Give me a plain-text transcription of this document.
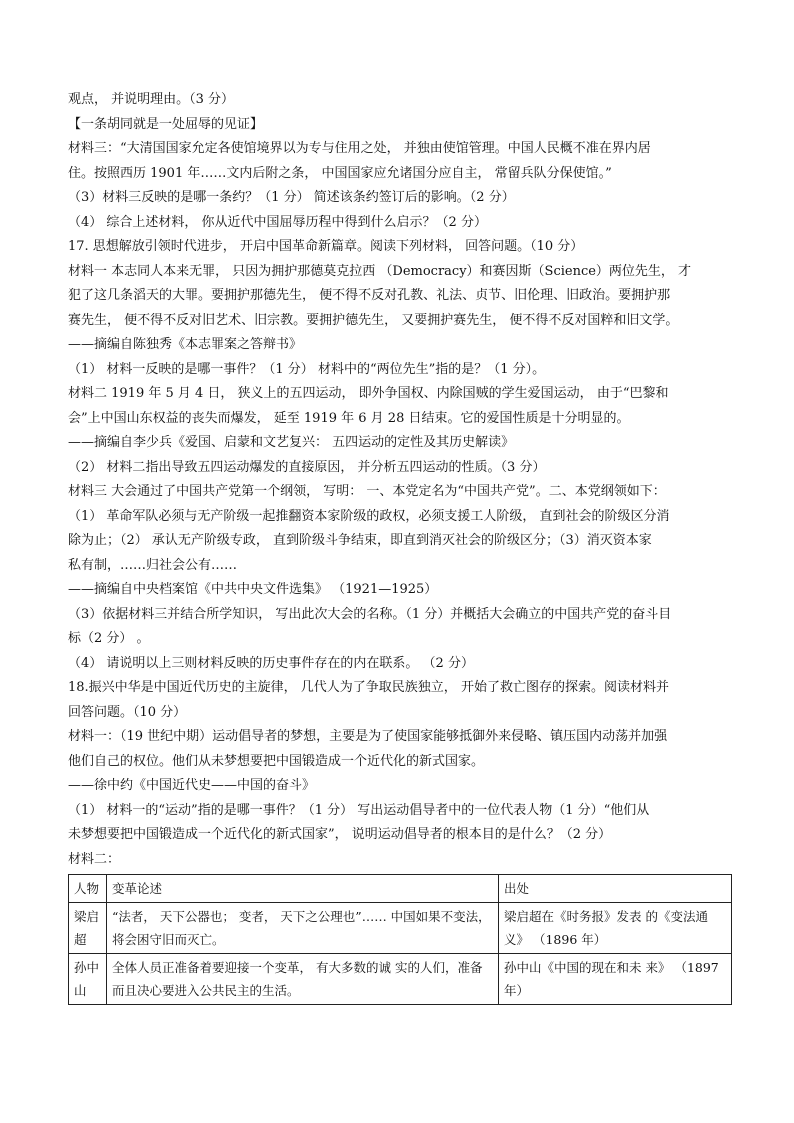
观点， 并说明理由。（3 分）
【一条胡同就是一处屈辱的见证】
材料三：“大清国国家允定各使馆境界以为专与住用之处， 并独由使馆管理。中国人民概不准在界内居
住。按照西历 1901 年……文内后附之条， 中国国家应允诸国分应自主， 常留兵队分保使馆。”
（3）材料三反映的是哪一条约？（1 分） 简述该条约签订后的影响。（2 分）
（4） 综合上述材料， 你从近代中国屈辱历程中得到什么启示？（2 分）
17. 思想解放引领时代进步， 开启中国革命新篇章。阅读下列材料， 回答问题。（10 分）
材料一 本志同人本来无罪， 只因为拥护那德莫克拉西 （Democracy）和赛因斯（Science）两位先生， 才
犯了这几条滔天的大罪。要拥护那德先生， 便不得不反对孔教、礼法、贞节、旧伦理、旧政治。要拥护那
赛先生， 便不得不反对旧艺术、旧宗教。要拥护德先生， 又要拥护赛先生， 便不得不反对国粹和旧文学。
——摘编自陈独秀《本志罪案之答辩书》
（1） 材料一反映的是哪一事件？（1 分） 材料中的“两位先生”指的是？（1 分）。
材料二 1919 年 5 月 4 日， 狭义上的五四运动， 即外争国权、内除国贼的学生爱国运动， 由于“巴黎和
会”上中国山东权益的丧失而爆发， 延至 1919 年 6 月 28 日结束。它的爱国性质是十分明显的。
——摘编自李少兵《爱国、启蒙和文艺复兴： 五四运动的定性及其历史解读》
（2） 材料二指出导致五四运动爆发的直接原因， 并分析五四运动的性质。（3 分）
材料三 大会通过了中国共产党第一个纲领， 写明： 一、本党定名为“中国共产党”。二、本党纲领如下：
（1） 革命军队必须与无产阶级一起推翻资本家阶级的政权，必须支援工人阶级， 直到社会的阶级区分消
除为止；（2） 承认无产阶级专政， 直到阶级斗争结束，即直到消灭社会的阶级区分；（3）消灭资本家
私有制，……归社会公有……
——摘编自中央档案馆《中共中央文件选集》 （1921—1925）
（3）依据材料三并结合所学知识， 写出此次大会的名称。（1 分）并概括大会确立的中国共产党的奋斗目
标（2 分） 。
（4） 请说明以上三则材料反映的历史事件存在的内在联系。 （2 分）
18.振兴中华是中国近代历史的主旋律， 几代人为了争取民族独立， 开始了救亡图存的探索。阅读材料并
回答问题。（10 分）
材料一：（19 世纪中期）运动倡导者的梦想，主要是为了使国家能够抵御外来侵略、镇压国内动荡并加强
他们自己的权位。他们从未梦想要把中国锻造成一个近代化的新式国家。
——徐中约《中国近代史——中国的奋斗》
（1） 材料一的“运动”指的是哪一事件？（1 分） 写出运动倡导者中的一位代表人物（1 分）“他们从
未梦想要把中国锻造成一个近代化的新式国家”， 说明运动倡导者的根本目的是什么？（2 分）
材料二：
人物	变革论述	出处
梁启超	“法者， 天下公器也； 变者， 天下之公理也”…… 中国如果不变法， 将会困守旧而灭亡。	梁启超在《时务报》发表 的《变法通义》 （1896 年）
孙中山	全体人员正准备着要迎接一个变革， 有大多数的诚 实的人们，准备而且决心要进入公共民主的生活。	孙中山《中国的现在和未 来》 （1897 年）
